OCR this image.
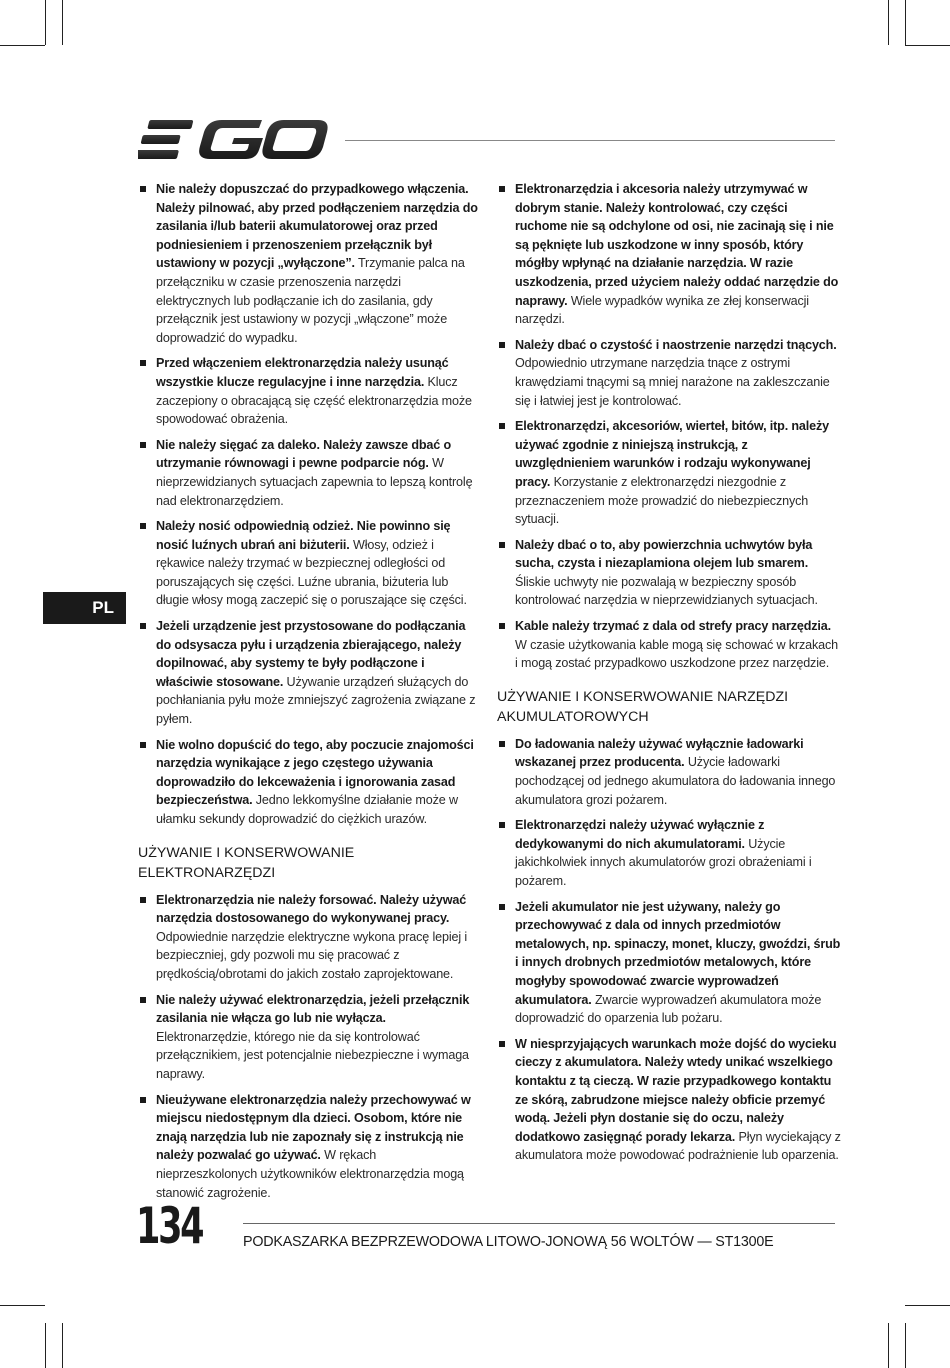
PL
Nie należy dopuszczać do przypadkowego włączenia. Należy pilnować, aby przed podłączeniem narzędzia do zasilania i/lub baterii akumulatorowej oraz przed podniesieniem i przenoszeniem przełącznik był ustawiony w pozycji „wyłączone”. Trzymanie palca na przełączniku w czasie przenoszenia narzędzi elektrycznych lub podłączanie ich do zasilania, gdy przełącznik jest ustawiony w pozycji „włączone” może doprowadzić do wypadku.
Przed włączeniem elektronarzędzia należy usunąć wszystkie klucze regulacyjne i inne narzędzia. Klucz zaczepiony o obracającą się część elektronarzędzia może spowodować obrażenia.
Nie należy sięgać za daleko. Należy zawsze dbać o utrzymanie równowagi i pewne podparcie nóg. W nieprzewidzianych sytuacjach zapewnia to lepszą kontrolę nad elektronarzędziem.
Należy nosić odpowiednią odzież. Nie powinno się nosić luźnych ubrań ani biżuterii. Włosy, odzież i rękawice należy trzymać w bezpiecznej odległości od poruszających się części. Luźne ubrania, biżuteria lub długie włosy mogą zaczepić się o poruszające się części.
Jeżeli urządzenie jest przystosowane do podłączania do odsysacza pyłu i urządzenia zbierającego, należy dopilnować, aby systemy te były podłączone i właściwie stosowane. Używanie urządzeń służących do pochłaniania pyłu może zmniejszyć zagrożenia związane z pyłem.
Nie wolno dopuścić do tego, aby poczucie znajomości narzędzia wynikające z jego częstego używania doprowadziło do lekceważenia i ignorowania zasad bezpieczeństwa. Jedno lekkomyślne działanie może w ułamku sekundy doprowadzić do ciężkich urazów.
UŻYWANIE I KONSERWOWANIE ELEKTRONARZĘDZI
Elektronarzędzia nie należy forsować. Należy używać narzędzia dostosowanego do wykonywanej pracy. Odpowiednie narzędzie elektryczne wykona pracę lepiej i bezpieczniej, gdy pozwoli mu się pracować z prędkością/obrotami do jakich zostało zaprojektowane.
Nie należy używać elektronarzędzia, jeżeli przełącznik zasilania nie włącza go lub nie wyłącza. Elektronarzędzie, którego nie da się kontrolować przełącznikiem, jest potencjalnie niebezpieczne i wymaga naprawy.
Nieużywane elektronarzędzia należy przechowywać w miejscu niedostępnym dla dzieci. Osobom, które nie znają narzędzia lub nie zapoznały się z instrukcją nie należy pozwalać go używać. W rękach nieprzeszkolonych użytkowników elektronarzędzia mogą stanowić zagrożenie.
Elektronarzędzia i akcesoria należy utrzymywać w dobrym stanie. Należy kontrolować, czy części ruchome nie są odchylone od osi, nie zacinają się i nie są pęknięte lub uszkodzone w inny sposób, który mógłby wpłynąć na działanie narzędzia. W razie uszkodzenia, przed użyciem należy oddać narzędzie do naprawy. Wiele wypadków wynika ze złej konserwacji narzędzi.
Należy dbać o czystość i naostrzenie narzędzi tnących. Odpowiednio utrzymane narzędzia tnące z ostrymi krawędziami tnącymi są mniej narażone na zakleszczanie się i łatwiej jest je kontrolować.
Elektronarzędzi, akcesoriów, wierteł, bitów, itp. należy używać zgodnie z niniejszą instrukcją, z uwzględnieniem warunków i rodzaju wykonywanej pracy. Korzystanie z elektronarzędzi niezgodnie z przeznaczeniem może prowadzić do niebezpiecznych sytuacji.
Należy dbać o to, aby powierzchnia uchwytów była sucha, czysta i niezaplamiona olejem lub smarem. Śliskie uchwyty nie pozwalają w bezpieczny sposób kontrolować narzędzia w nieprzewidzianych sytuacjach.
Kable należy trzymać z dala od strefy pracy narzędzia. W czasie użytkowania kable mogą się schować w krzakach i mogą zostać przypadkowo uszkodzone przez narzędzie.
UŻYWANIE I KONSERWOWANIE NARZĘDZI AKUMULATOROWYCH
Do ładowania należy używać wyłącznie ładowarki wskazanej przez producenta. Użycie ładowarki pochodzącej od jednego akumulatora do ładowania innego akumulatora grozi pożarem.
Elektronarzędzi należy używać wyłącznie z dedykowanymi do nich akumulatorami. Użycie jakichkolwiek innych akumulatorów grozi obrażeniami i pożarem.
Jeżeli akumulator nie jest używany, należy go przechowywać z dala od innych przedmiotów metalowych, np. spinaczy, monet, kluczy, gwoździ, śrub i innych drobnych przedmiotów metalowych, które mogłyby spowodować zwarcie wyprowadzeń akumulatora. Zwarcie wyprowadzeń akumulatora może doprowadzić do oparzenia lub pożaru.
W niesprzyjających warunkach może dojść do wycieku cieczy z akumulatora. Należy wtedy unikać wszelkiego kontaktu z tą cieczą. W razie przypadkowego kontaktu ze skórą, zabrudzone miejsce należy obficie przemyć wodą. Jeżeli płyn dostanie się do oczu, należy dodatkowo zasięgnąć porady lekarza. Płyn wyciekający z akumulatora może powodować podrażnienie lub oparzenia.
134	PODKASZARKA BEZPRZEWODOWA LITOWO-JONOWĄ 56 WOLTÓW — ST1300E
